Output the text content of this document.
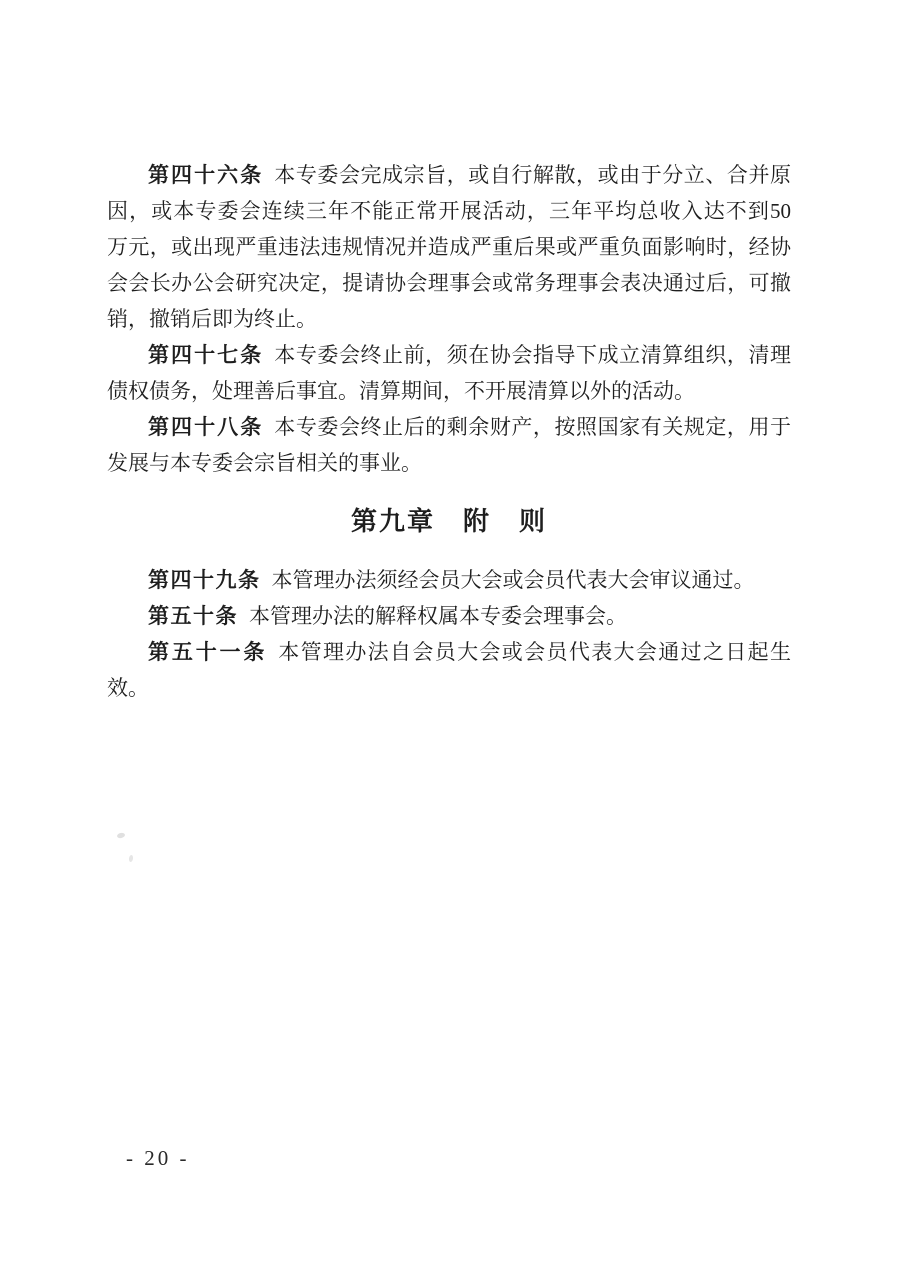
第四十六条 本专委会完成宗旨，或自行解散，或由于分立、合并原
因，或本专委会连续三年不能正常开展活动，三年平均总收入达不到50
万元，或出现严重违法违规情况并造成严重后果或严重负面影响时，经协
会会长办公会研究决定，提请协会理事会或常务理事会表决通过后，可撤
销，撤销后即为终止。
第四十七条 本专委会终止前，须在协会指导下成立清算组织，清理
债权债务，处理善后事宜。清算期间，不开展清算以外的活动。
第四十八条 本专委会终止后的剩余财产，按照国家有关规定，用于
发展与本专委会宗旨相关的事业。
第九章　附　则
第四十九条 本管理办法须经会员大会或会员代表大会审议通过。
第五十条 本管理办法的解释权属本专委会理事会。
第五十一条 本管理办法自会员大会或会员代表大会通过之日起生
效。
- 20 -
